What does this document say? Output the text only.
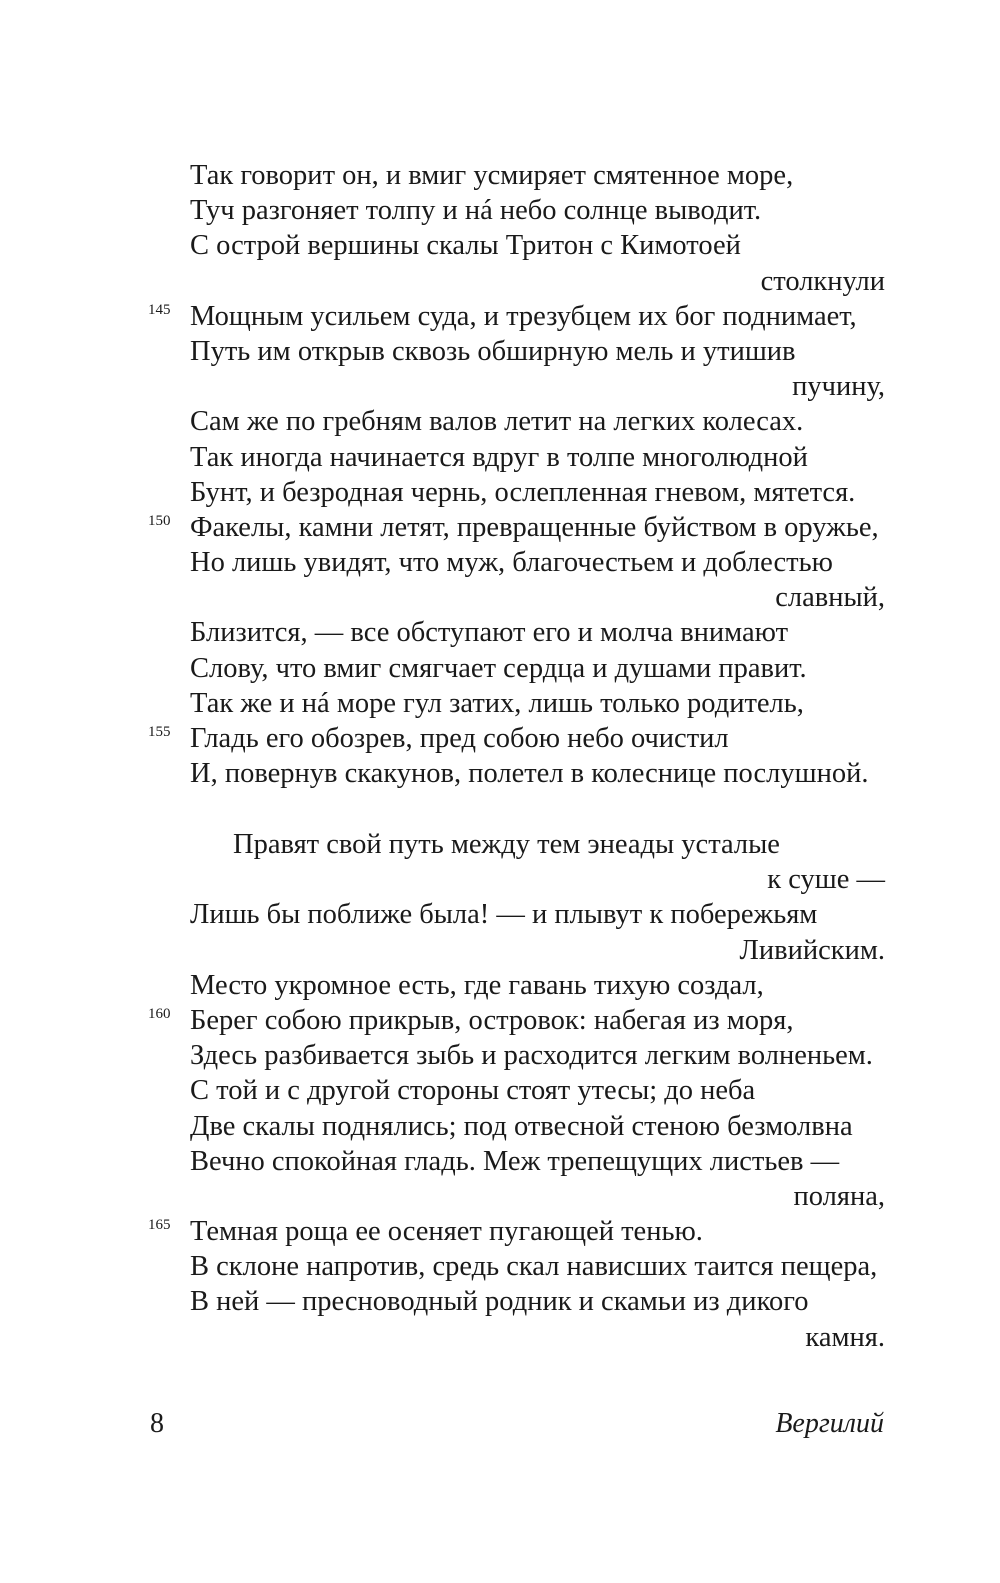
Так говорит он, и вмиг усмиряет смятенное море,
Туч разгоняет толпу и нá небо солнце выводит.
С острой вершины скалы Тритон с Кимотоей
столкнули
145 Мощным усильем суда, и трезубцем их бог поднимает,
Путь им открыв сквозь обширную мель и утишив
пучину,
Сам же по гребням валов летит на легких колесах.
Так иногда начинается вдруг в толпе многолюдной
Бунт, и безродная чернь, ослепленная гневом, мятется.
150 Факелы, камни летят, превращенные буйством в оружье,
Но лишь увидят, что муж, благочестьем и доблестью
славный,
Близится, — все обступают его и молча внимают
Слову, что вмиг смягчает сердца и душами правит.
Так же и нá море гул затих, лишь только родитель,
155 Гладь его обозрев, пред собою небо очистил
И, повернув скакунов, полетел в колеснице послушной.
Правят свой путь между тем энеады усталые
к суше —
Лишь бы поближе была! — и плывут к побережьям
Ливийским.
Место укромное есть, где гавань тихую создал,
160 Берег собою прикрыв, островок: набегая из моря,
Здесь разбивается зыбь и расходится легким волненьем.
С той и с другой стороны стоят утесы; до неба
Две скалы поднялись; под отвесной стеною безмолвна
Вечно спокойная гладь. Меж трепещущих листьев —
поляна,
165 Темная роща ее осеняет пугающей тенью.
В склоне напротив, средь скал нависших таится пещера,
В ней — пресноводный родник и скамьи из дикого
камня.
8	Вергилий
